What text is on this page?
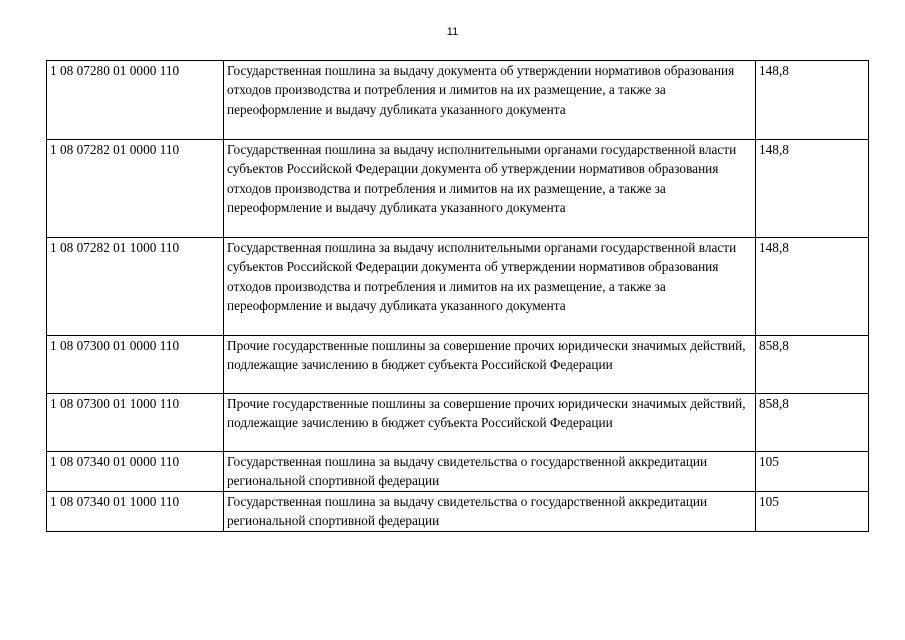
11
1 08 07280 01 0000 110	Государственная пошлина за выдачу документа об утверждении нормативов образования отходов производства и потребления и лимитов на их размещение, а также за переоформление и выдачу дубликата указанного документа	148,8
1 08 07282 01 0000 110	Государственная пошлина за выдачу исполнительными органами государственной власти субъектов Российской Федерации документа об утверждении нормативов образования отходов производства и потребления и лимитов на их размещение, а также за переоформление и выдачу дубликата указанного документа	148,8
1 08 07282 01 1000 110	Государственная пошлина за выдачу исполнительными органами государственной власти субъектов Российской Федерации документа об утверждении нормативов образования отходов производства и потребления и лимитов на их размещение, а также за переоформление и выдачу дубликата указанного документа	148,8
1 08 07300 01 0000 110	Прочие государственные пошлины за совершение прочих юридически значимых действий, подлежащие зачислению в бюджет субъекта Российской Федерации	858,8
1 08 07300 01 1000 110	Прочие государственные пошлины за совершение прочих юридически значимых действий, подлежащие зачислению в бюджет субъекта Российской Федерации	858,8
1 08 07340 01 0000 110	Государственная пошлина за выдачу свидетельства о государственной аккредитации региональной спортивной федерации	105
1 08 07340 01 1000 110	Государственная пошлина за выдачу свидетельства о государственной аккредитации региональной спортивной федерации	105
